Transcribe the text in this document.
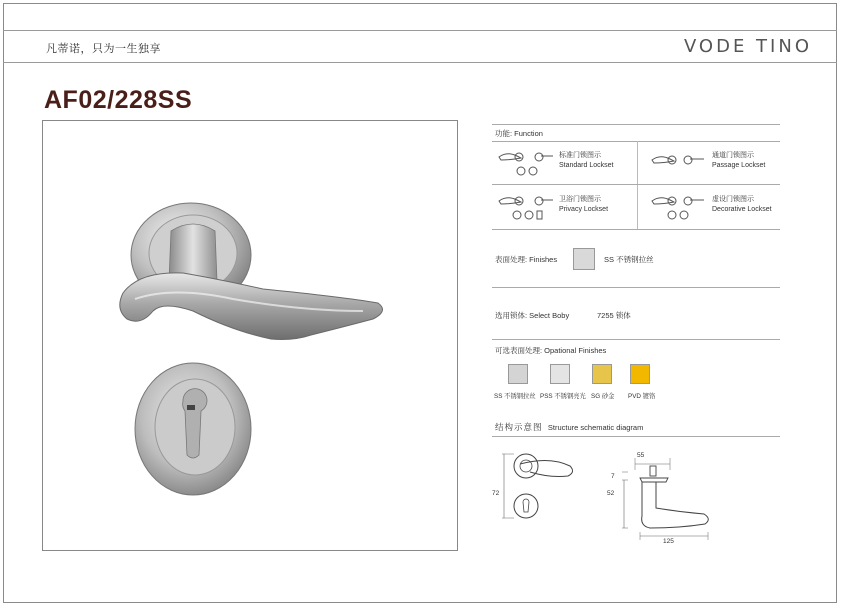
凡蒂诺，只为一生独享	VODE TINO
AF02/228SS
功能: Function
标准门锁图示
Standard Lockset
通道门锁图示
Passage Lockset
卫浴门锁图示
Privacy Lockset
虚设门锁图示
Decorative Lockset
表面处理: Finishes	SS 不锈钢拉丝
选用锁体: Select Boby	7255 锁体
可选表面处理: Opational Finishes
SS 不锈钢拉丝 PSS 不锈钢亮光 SG 砂金 PVD 镀铬
结构示意图 Structure schematic diagram
72
55
7
52
125
